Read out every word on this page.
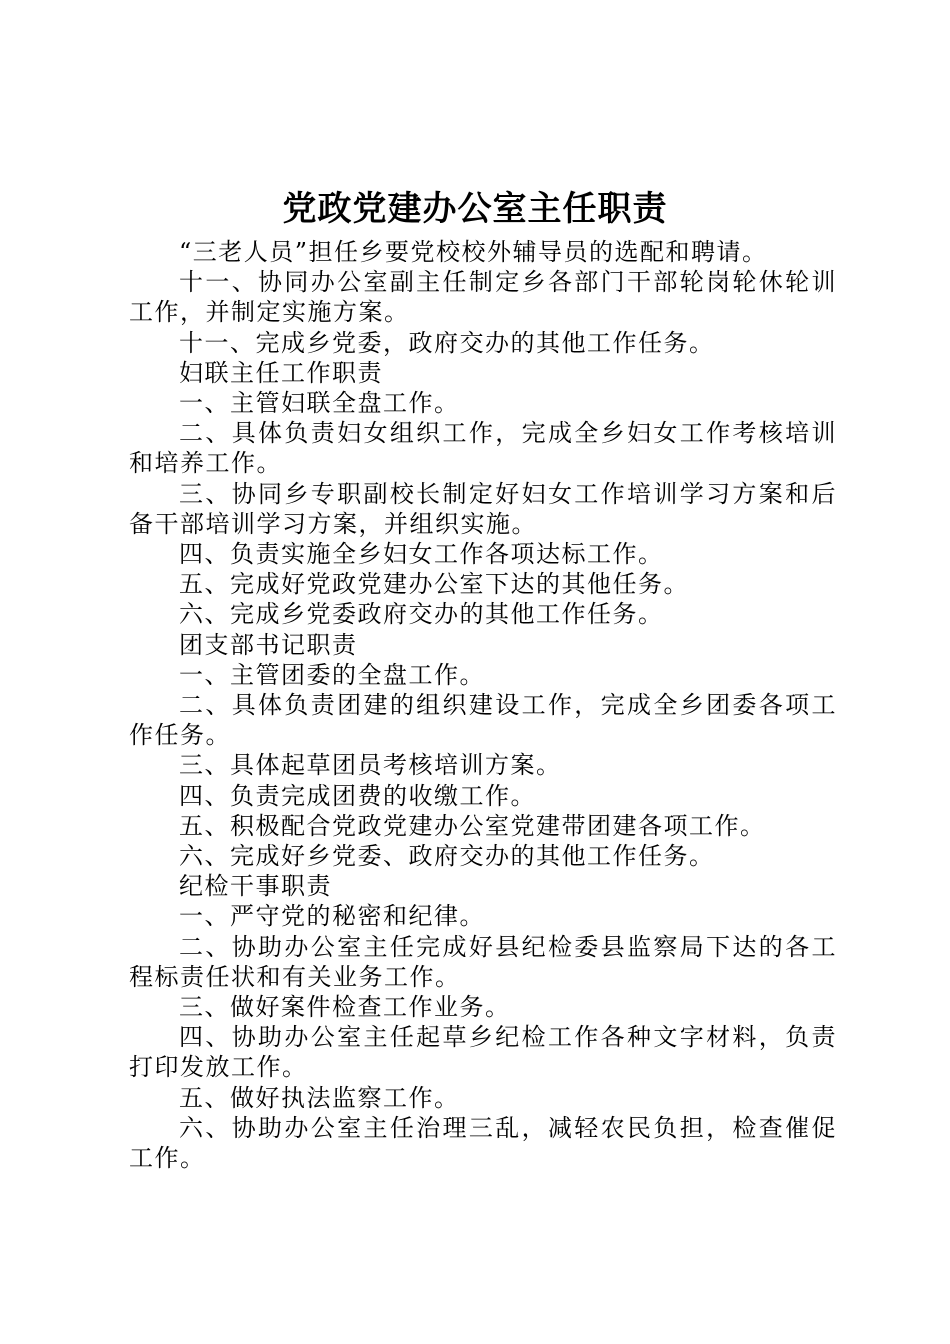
党政党建办公室主任职责

“三老人员”担任乡要党校校外辅导员的选配和聘请。

十一、协同办公室副主任制定乡各部门干部轮岗轮休轮训工作，并制定实施方案。

十一、完成乡党委，政府交办的其他工作任务。

妇联主任工作职责

一、主管妇联全盘工作。

二、具体负责妇女组织工作，完成全乡妇女工作考核培训和培养工作。

三、协同乡专职副校长制定好妇女工作培训学习方案和后备干部培训学习方案，并组织实施。

四、负责实施全乡妇女工作各项达标工作。

五、完成好党政党建办公室下达的其他任务。

六、完成乡党委政府交办的其他工作任务。

团支部书记职责

一、主管团委的全盘工作。

二、具体负责团建的组织建设工作，完成全乡团委各项工作任务。

三、具体起草团员考核培训方案。

四、负责完成团费的收缴工作。

五、积极配合党政党建办公室党建带团建各项工作。

六、完成好乡党委、政府交办的其他工作任务。

纪检干事职责

一、严守党的秘密和纪律。

二、协助办公室主任完成好县纪检委县监察局下达的各工程标责任状和有关业务工作。

三、做好案件检查工作业务。

四、协助办公室主任起草乡纪检工作各种文字材料，负责打印发放工作。

五、做好执法监察工作。

六、协助办公室主任治理三乱，减轻农民负担，检查催促工作。
